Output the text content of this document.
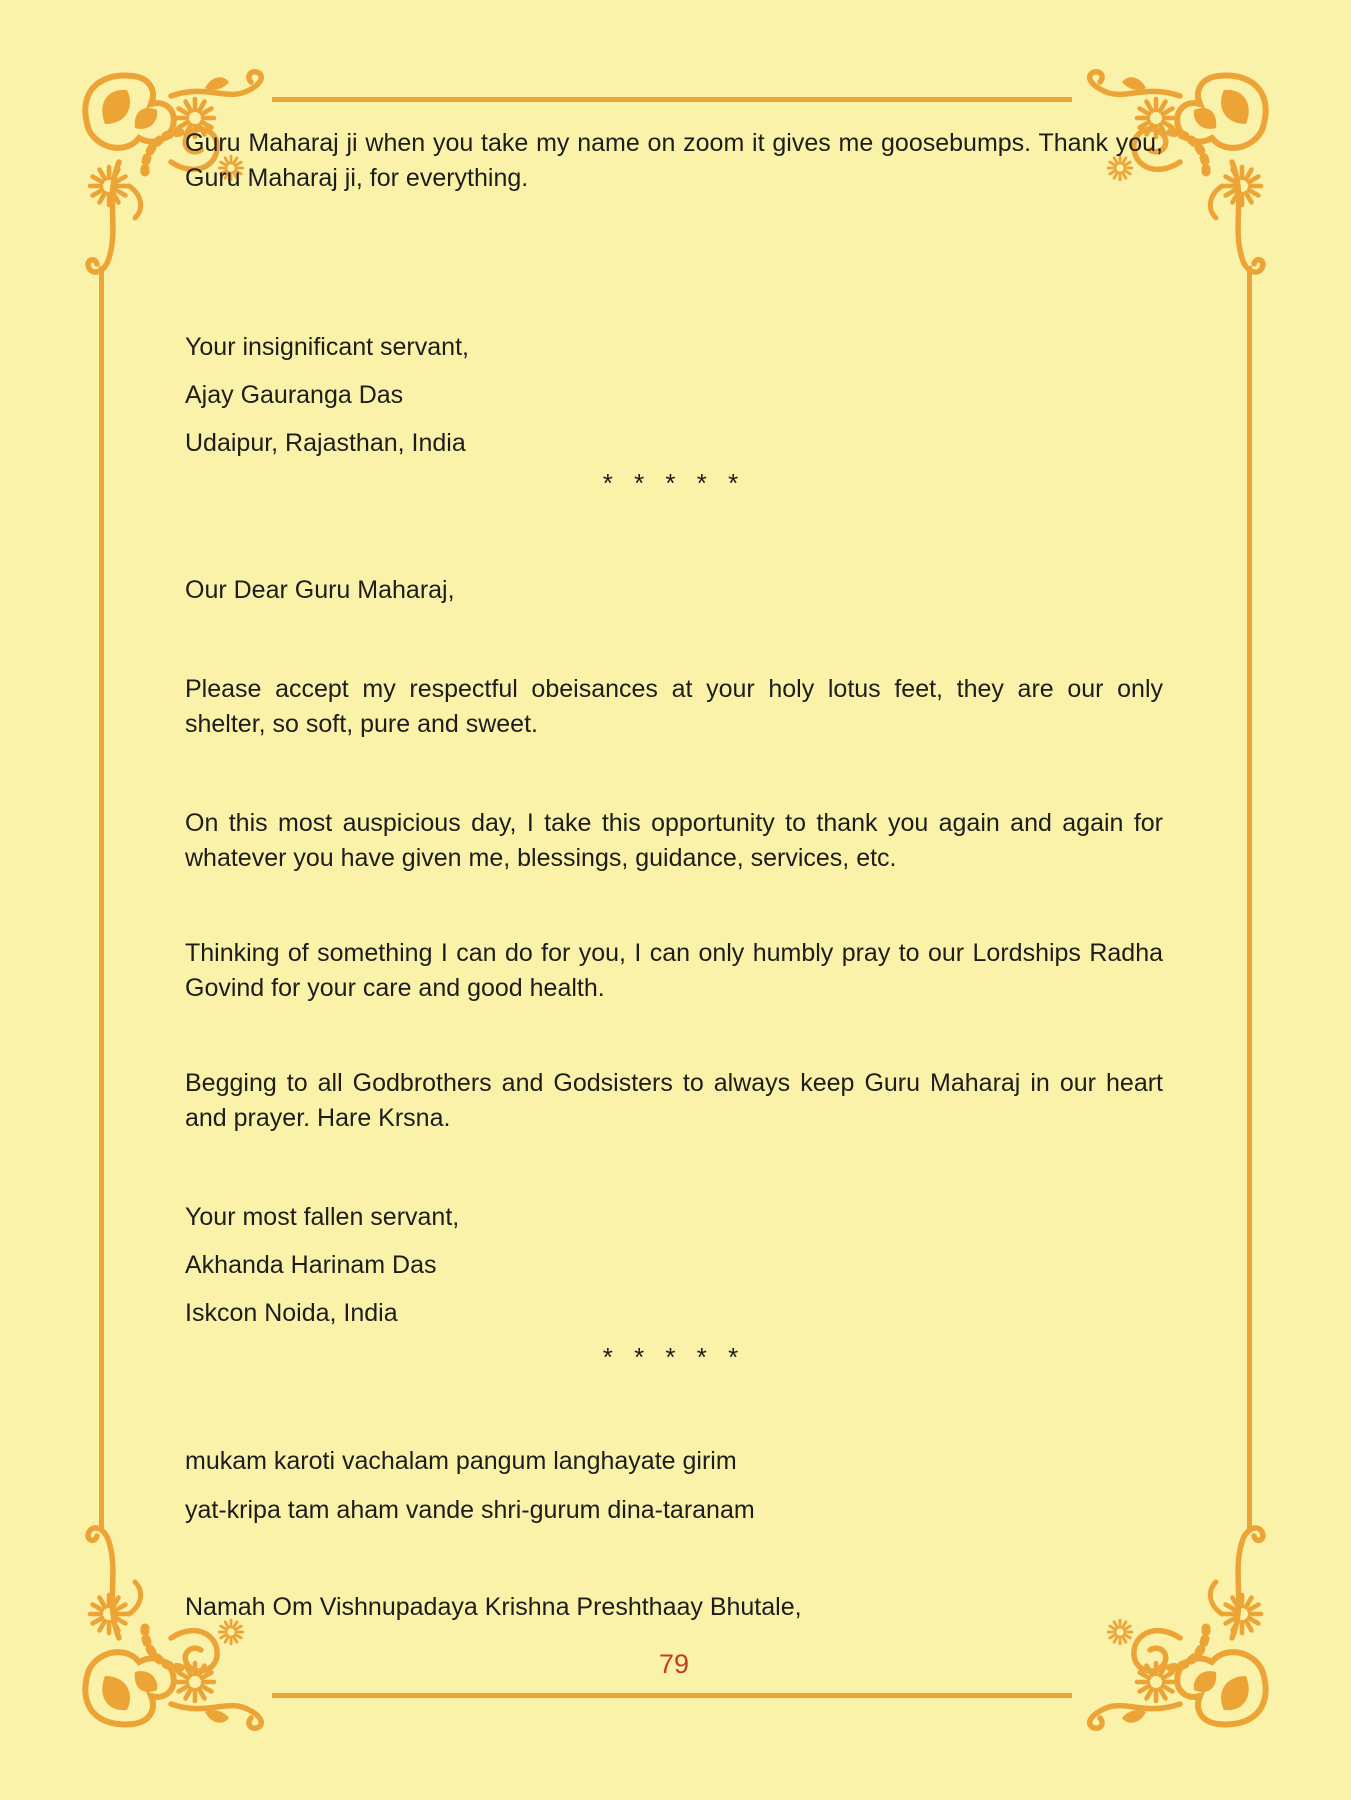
Guru Maharaj ji when you take my name on zoom it gives me goosebumps. Thank you, Guru Maharaj ji, for everything.
Your insignificant servant,
Ajay Gauranga Das
Udaipur, Rajasthan, India
* * * * *
Our Dear Guru Maharaj,
Please accept my respectful obeisances at your holy lotus feet, they are our only shelter, so soft, pure and sweet.
On this most auspicious day, I take this opportunity to thank you again and again for whatever you have given me, blessings, guidance, services, etc.
Thinking of something I can do for you, I can only humbly pray to our Lordships Radha Govind for your care and good health.
Begging to all Godbrothers and Godsisters to always keep Guru Maharaj in our heart and prayer. Hare Krsna.
Your most fallen servant,
Akhanda Harinam Das
Iskcon Noida, India
* * * * *
mukam karoti vachalam pangum langhayate girim
yat-kripa tam aham vande shri-gurum dina-taranam
Namah Om Vishnupadaya Krishna Preshthaay Bhutale,
79
